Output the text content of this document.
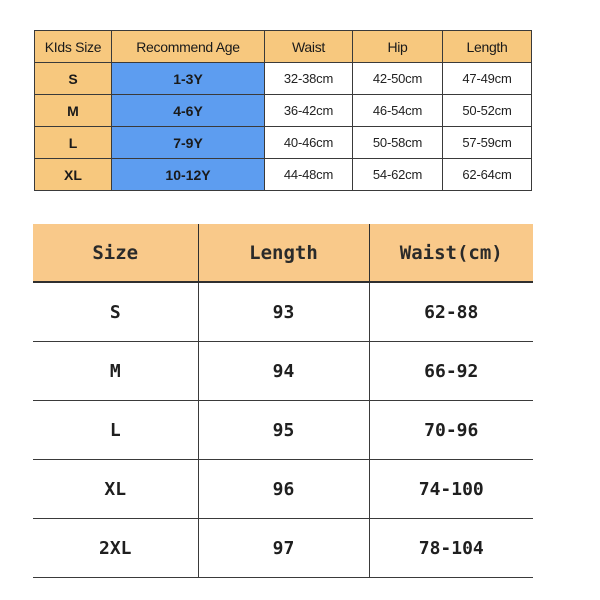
KIds Size	Recommend Age	Waist	Hip	Length
S	1-3Y	32-38cm	42-50cm	47-49cm
M	4-6Y	36-42cm	46-54cm	50-52cm
L	7-9Y	40-46cm	50-58cm	57-59cm
XL	10-12Y	44-48cm	54-62cm	62-64cm
Size	Length	Waist(cm)
S	93	62-88
M	94	66-92
L	95	70-96
XL	96	74-100
2XL	97	78-104
